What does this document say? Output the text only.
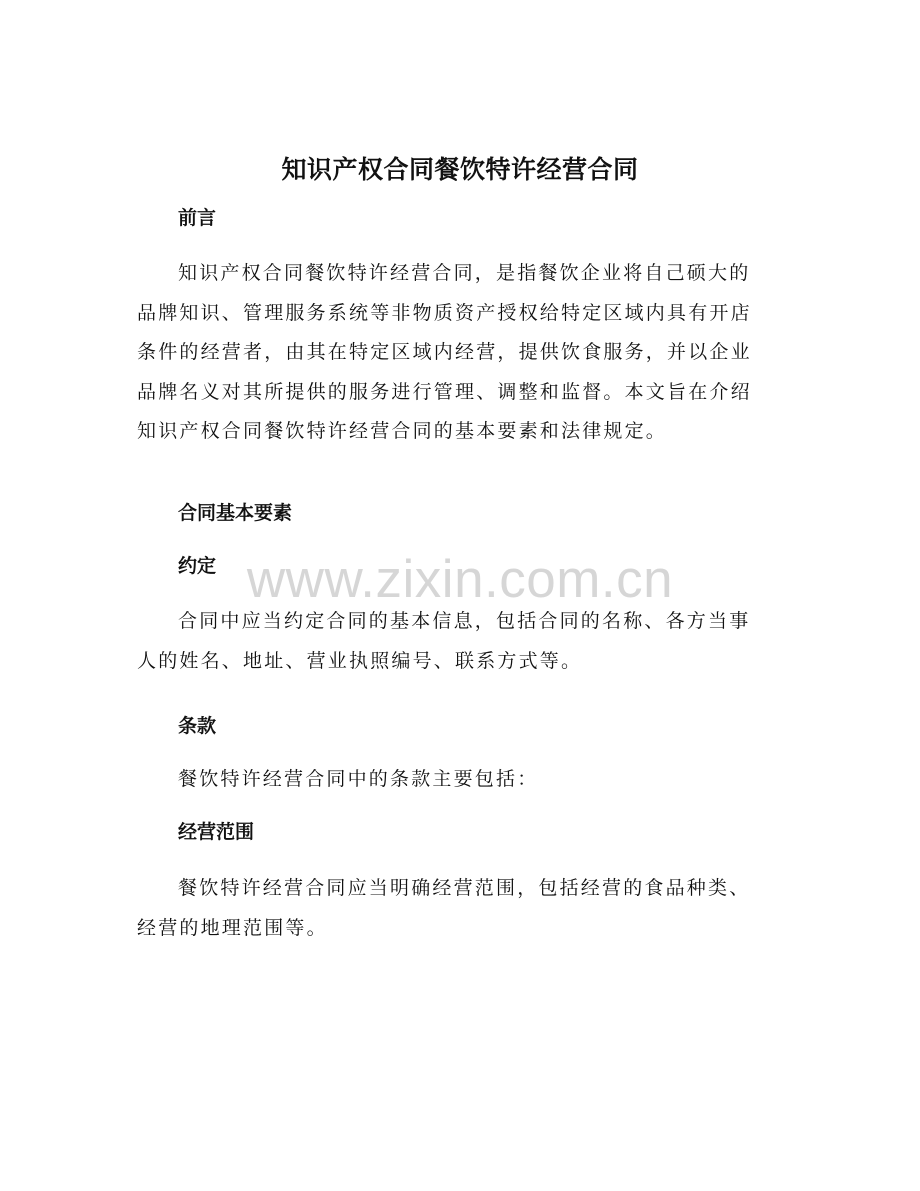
www.zixin.com.cn
知识产权合同餐饮特许经营合同
前言
知识产权合同餐饮特许经营合同，是指餐饮企业将自己硕大的品牌知识、管理服务系统等非物质资产授权给特定区域内具有开店条件的经营者，由其在特定区域内经营，提供饮食服务，并以企业品牌名义对其所提供的服务进行管理、调整和监督。本文旨在介绍知识产权合同餐饮特许经营合同的基本要素和法律规定。
合同基本要素
约定
合同中应当约定合同的基本信息，包括合同的名称、各方当事人的姓名、地址、营业执照编号、联系方式等。
条款
餐饮特许经营合同中的条款主要包括：
经营范围
餐饮特许经营合同应当明确经营范围，包括经营的食品种类、经营的地理范围等。
